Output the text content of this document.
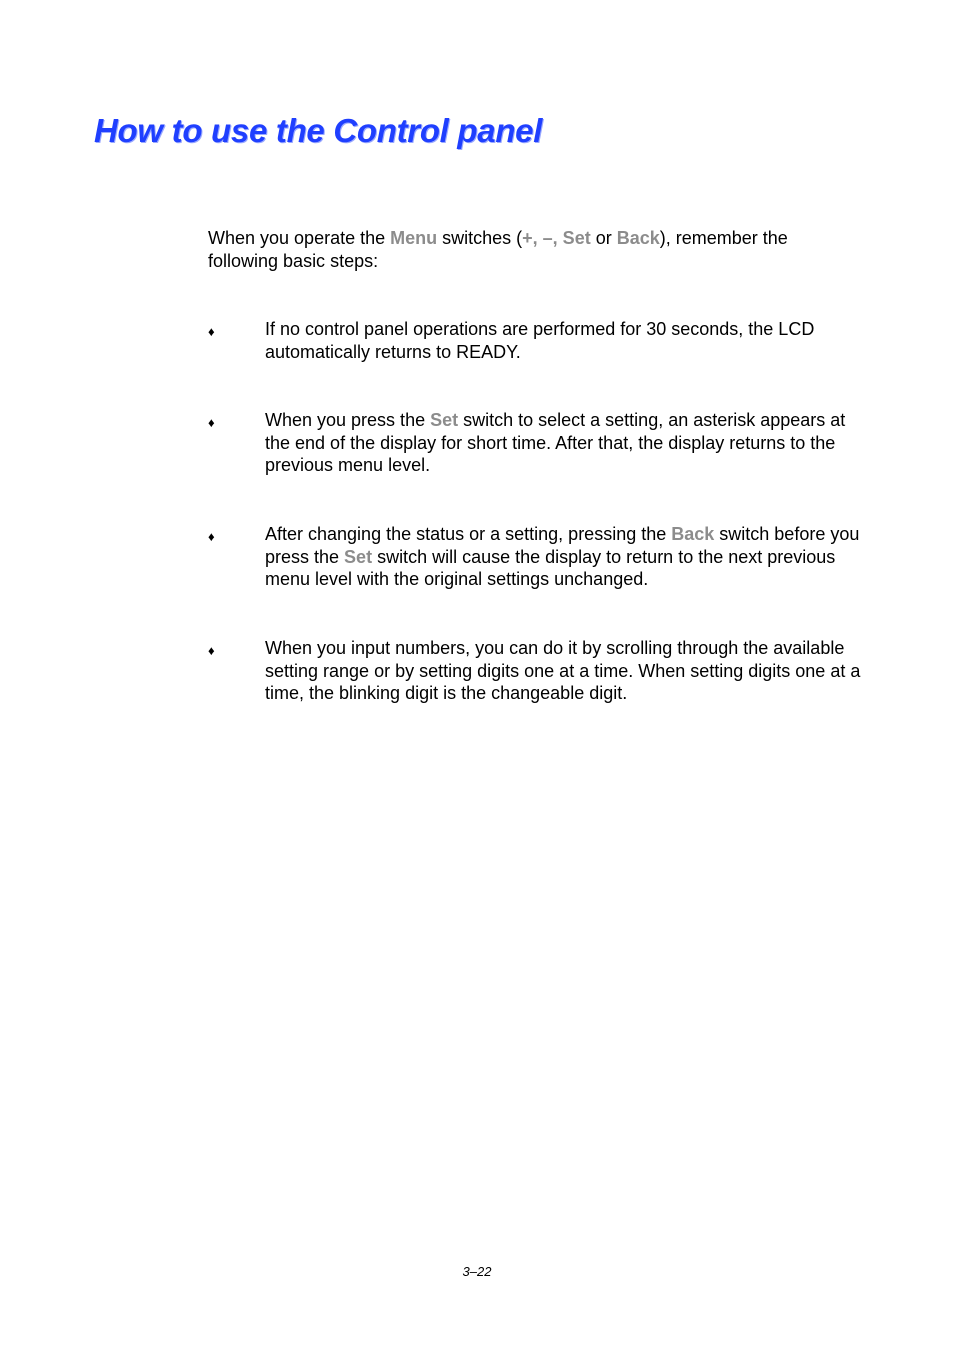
How to use the Control panel

When you operate the Menu switches (+, –, Set or Back), remember the following basic steps:

♦	If no control panel operations are performed for 30 seconds, the LCD automatically returns to READY.

♦	When you press the Set switch to select a setting, an asterisk appears at the end of the display for short time. After that, the display returns to the previous menu level.

♦	After changing the status or a setting, pressing the Back switch before you press the Set switch will cause the display to return to the next previous menu level with the original settings unchanged.

♦	When you input numbers, you can do it by scrolling through the available setting range or by setting digits one at a time. When setting digits one at a time, the blinking digit is the changeable digit.

3–22
